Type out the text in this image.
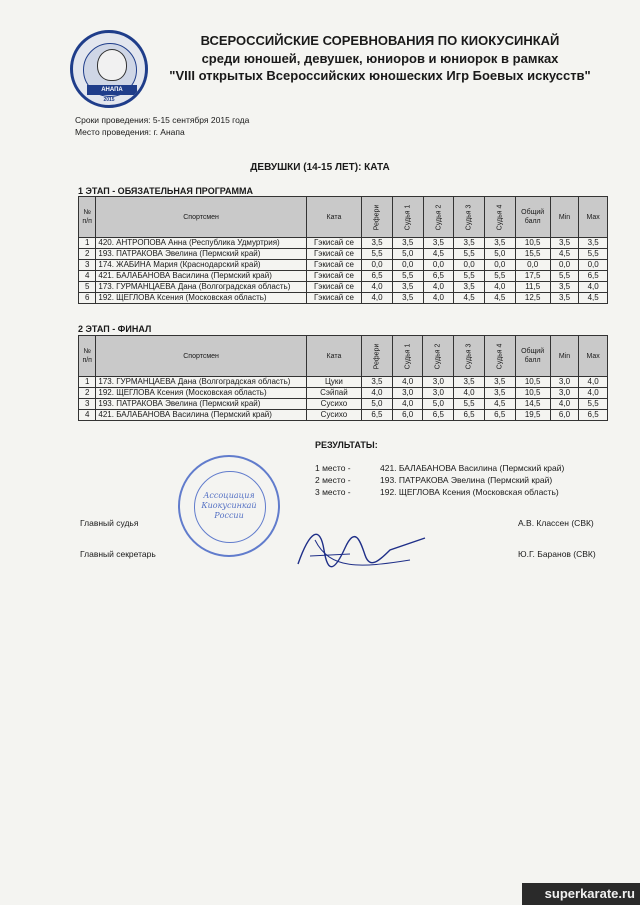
АНАПА
2015
ВСЕРОССИЙСКИЕ СОРЕВНОВАНИЯ ПО КИОКУСИНКАЙ
среди юношей, девушек, юниоров и юниорок в рамках
"VIII открытых Всероссийских юношеских Игр Боевых искусств"
Сроки проведения: 5-15 сентября 2015 года
Место проведения: г. Анапа
ДЕВУШКИ (14-15 ЛЕТ): КАТА
1 ЭТАП - ОБЯЗАТЕЛЬНАЯ ПРОГРАММА
№ п/п	Спортсмен	Ката	Рефери	Судья 1	Судья 2	Судья 3	Судья 4	Общий балл	Min	Max
1	420. АНТРОПОВА Анна (Республика Удмуртрия)	Гэкисай се	3,5	3,5	3,5	3,5	3,5	10,5	3,5	3,5
2	193. ПАТРАКОВА Эвелина (Пермский край)	Гэкисай се	5,5	5,0	4,5	5,5	5,0	15,5	4,5	5,5
3	174. ЖАБИНА Мария (Краснодарский край)	Гэкисай се	0,0	0,0	0,0	0,0	0,0	0,0	0,0	0,0
4	421. БАЛАБАНОВА Василина (Пермский край)	Гэкисай се	6,5	5,5	6,5	5,5	5,5	17,5	5,5	6,5
5	173. ГУРМАНЦАЕВА Дана (Волгоградская область)	Гэкисай се	4,0	3,5	4,0	3,5	4,0	11,5	3,5	4,0
6	192. ЩЕГЛОВА Ксения (Московская область)	Гэкисай се	4,0	3,5	4,0	4,5	4,5	12,5	3,5	4,5
2 ЭТАП - ФИНАЛ
№ п/п	Спортсмен	Ката	Рефери	Судья 1	Судья 2	Судья 3	Судья 4	Общий балл	Min	Max
1	173. ГУРМАНЦАЕВА Дана (Волгоградская область)	Цуки	3,5	4,0	3,0	3,5	3,5	10,5	3,0	4,0
2	192. ЩЕГЛОВА Ксения (Московская область)	Сэйпай	4,0	3,0	3,0	4,0	3,5	10,5	3,0	4,0
3	193. ПАТРАКОВА Эвелина (Пермский край)	Сусихо	5,0	4,0	5,0	5,5	4,5	14,5	4,0	5,5
4	421. БАЛАБАНОВА Василина (Пермский край)	Сусихо	6,5	6,0	6,5	6,5	6,5	19,5	6,0	6,5
РЕЗУЛЬТАТЫ:
1 место -	421. БАЛАБАНОВА Василина (Пермский край)
2 место -	193. ПАТРАКОВА Эвелина (Пермский край)
3 место -	192. ЩЕГЛОВА Ксения (Московская область)
Главный судья	А.В. Классен (СВК)
Главный секретарь	Ю.Г. Баранов (СВК)
Ассоциация
Киокусинкай
России
superkarate.ru
